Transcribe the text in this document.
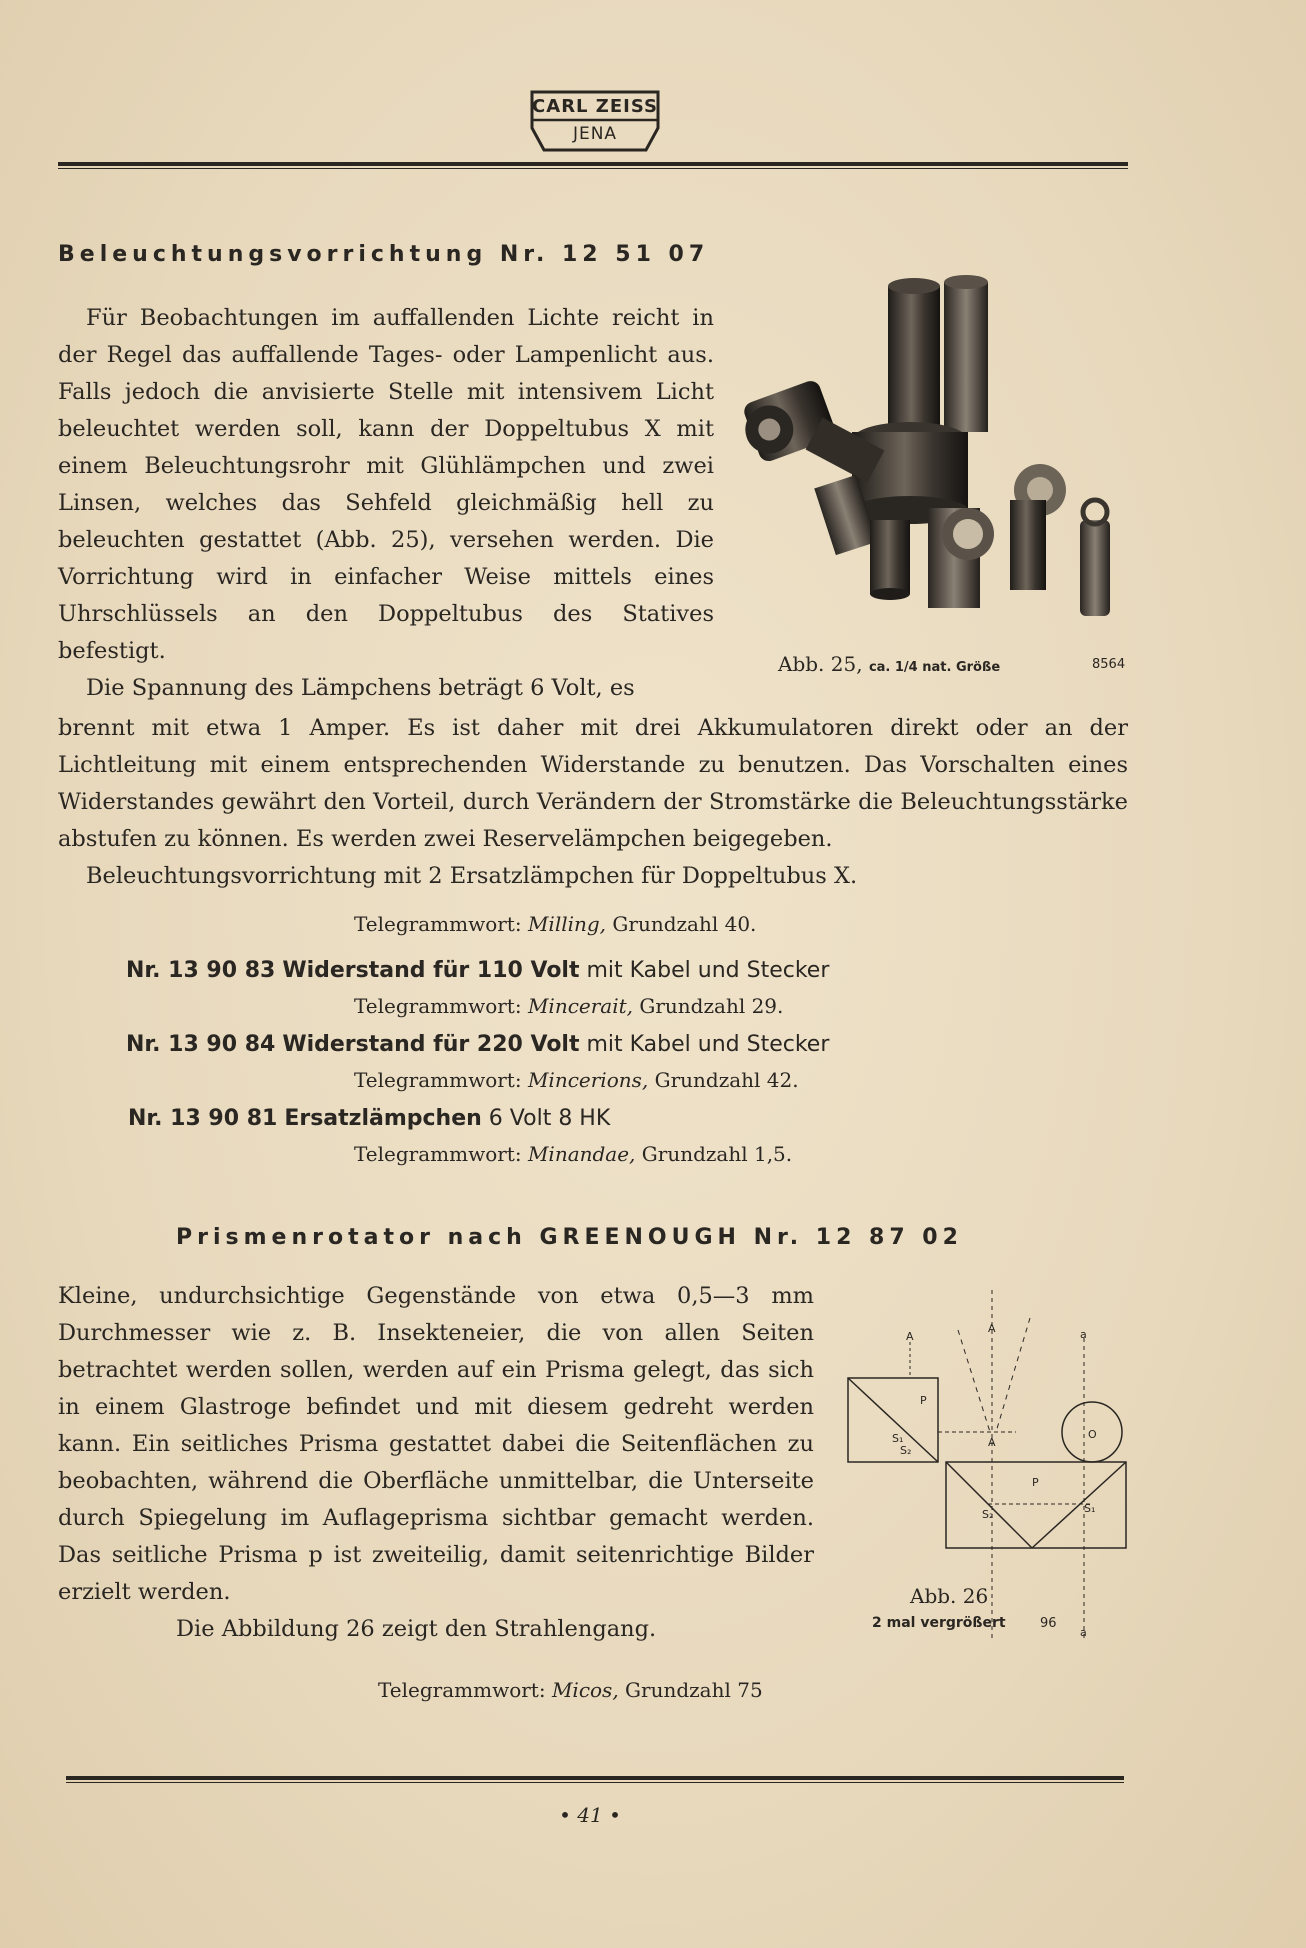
CARL ZEISS
JENA
Beleuchtungsvorrichtung Nr. 12 51 07

Für Beobachtungen im auffallenden Lichte reicht in der Regel das auffallende Tages- oder Lampenlicht aus. Falls jedoch die anvisierte Stelle mit intensivem Licht beleuchtet werden soll, kann der Doppeltubus X mit einem Beleuchtungsrohr mit Glühlämpchen und zwei Linsen, welches das Sehfeld gleichmäßig hell zu beleuchten gestattet (Abb. 25), versehen werden. Die Vorrichtung wird in einfacher Weise mittels eines Uhrschlüssels an den Doppeltubus des Statives befestigt.

Die Spannung des Lämpchens beträgt 6 Volt, es

Abb. 25, ca. 1/4 nat. Größe	8564

brennt mit etwa 1 Amper. Es ist daher mit drei Akkumulatoren direkt oder an der Lichtleitung mit einem entsprechenden Widerstande zu benutzen. Das Vorschalten eines Widerstandes gewährt den Vorteil, durch Verändern der Stromstärke die Beleuchtungsstärke abstufen zu können. Es werden zwei Reservelämpchen beigegeben.

Beleuchtungsvorrichtung mit 2 Ersatzlämpchen für Doppeltubus X.

Telegrammwort: Milling, Grundzahl 40.
Nr. 13 90 83 Widerstand für 110 Volt mit Kabel und Stecker
Telegrammwort: Mincerait, Grundzahl 29.
Nr. 13 90 84 Widerstand für 220 Volt mit Kabel und Stecker
Telegrammwort: Mincerions, Grundzahl 42.
Nr. 13 90 81 Ersatzlämpchen 6 Volt 8 HK
Telegrammwort: Minandae, Grundzahl 1,5.
Prismenrotator nach GREENOUGH Nr. 12 87 02

Kleine, undurchsichtige Gegenstände von etwa 0,5—3 mm Durchmesser wie z. B. Insekteneier, die von allen Seiten betrachtet werden sollen, werden auf ein Prisma gelegt, das sich in einem Glastroge befindet und mit diesem gedreht werden kann. Ein seitliches Prisma gestattet dabei die Seitenflächen zu beobachten, während die Oberfläche unmittelbar, die Unterseite durch Spiegelung im Auflageprisma sichtbar gemacht werden. Das seitliche Prisma p ist zweiteilig, damit seitenrichtige Bilder erzielt werden.

Die Abbildung 26 zeigt den Strahlengang.

A
A	a
A
P
P
O
S₁
S₂
S₂	S₁
a
Abb. 26
2 mal vergrößert	96
Telegrammwort: Micos, Grundzahl 75
• 41 •
